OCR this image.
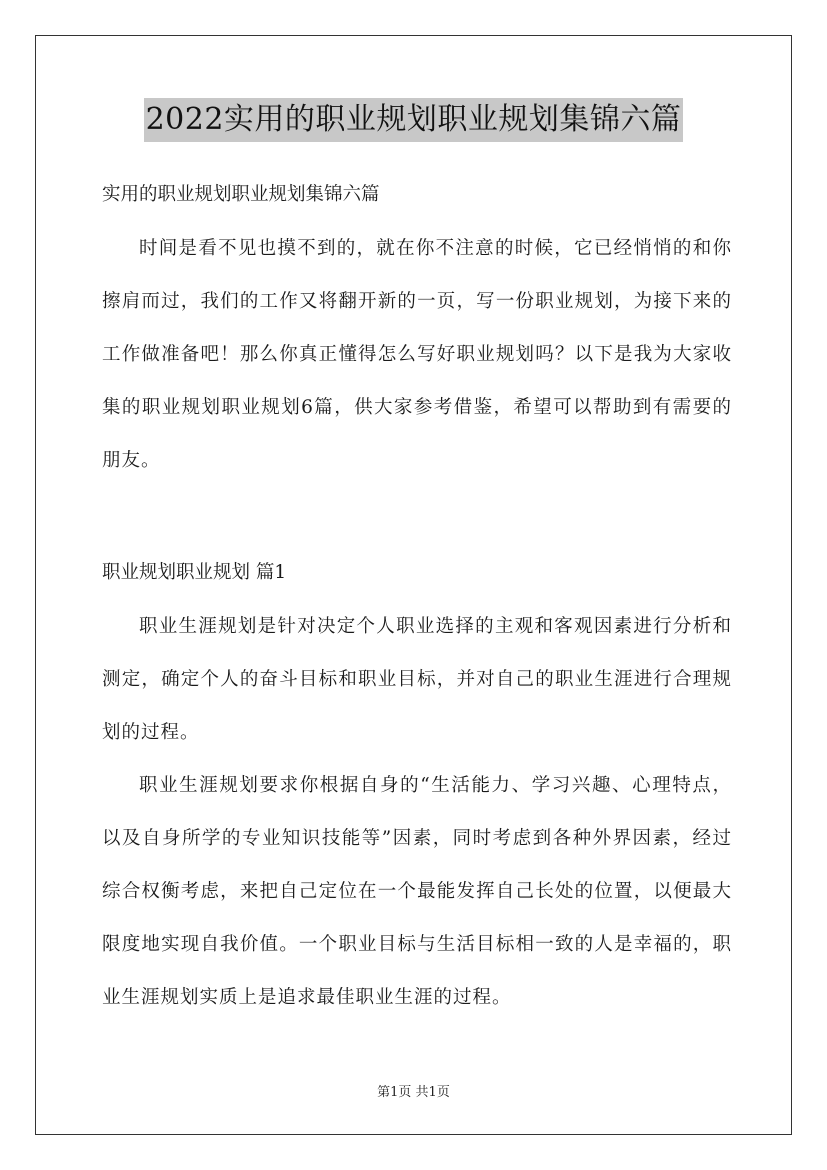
2022实用的职业规划职业规划集锦六篇
实用的职业规划职业规划集锦六篇

时间是看不见也摸不到的，就在你不注意的时候，它已经悄悄的和你擦肩而过，我们的工作又将翻开新的一页，写一份职业规划，为接下来的工作做准备吧！那么你真正懂得怎么写好职业规划吗？以下是我为大家收集的职业规划职业规划6篇，供大家参考借鉴，希望可以帮助到有需要的朋友。

职业规划职业规划 篇1

职业生涯规划是针对决定个人职业选择的主观和客观因素进行分析和测定，确定个人的奋斗目标和职业目标，并对自己的职业生涯进行合理规划的过程。

职业生涯规划要求你根据自身的“生活能力、学习兴趣、心理特点，以及自身所学的专业知识技能等”因素，同时考虑到各种外界因素，经过综合权衡考虑，来把自己定位在一个最能发挥自己长处的位置，以便最大限度地实现自我价值。一个职业目标与生活目标相一致的人是幸福的，职业生涯规划实质上是追求最佳职业生涯的过程。

第1页 共1页
